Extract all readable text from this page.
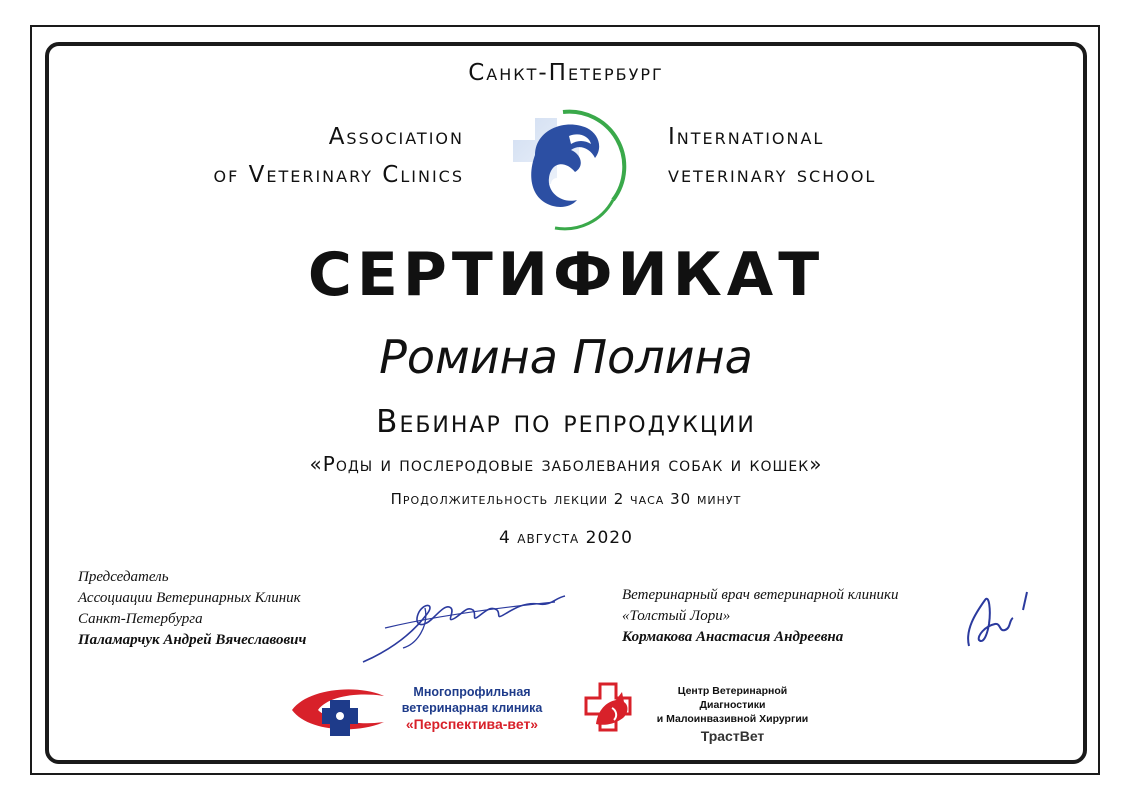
Санкт-Петербург
Association
of Veterinary Clinics
International
veterinary school
СЕРТИФИКАТ
Ромина Полина
Вебинар по репродукции
«Роды и послеродовые заболевания собак и кошек»
Продолжительность лекции 2 часа 30 минут
4 августа 2020
Председатель
Ассоциации Ветеринарных Клиник
Санкт-Петербурга
Паламарчук Андрей Вячеславович
Ветеринарный врач ветеринарной клиники
«Толстый Лори»
Кормакова Анастасия Андреевна
Многопрофильная
ветеринарная клиника
«Перспектива-вет»
Центр Ветеринарной Диагностики
и Малоинвазивной Хирургии
ТрастВет
